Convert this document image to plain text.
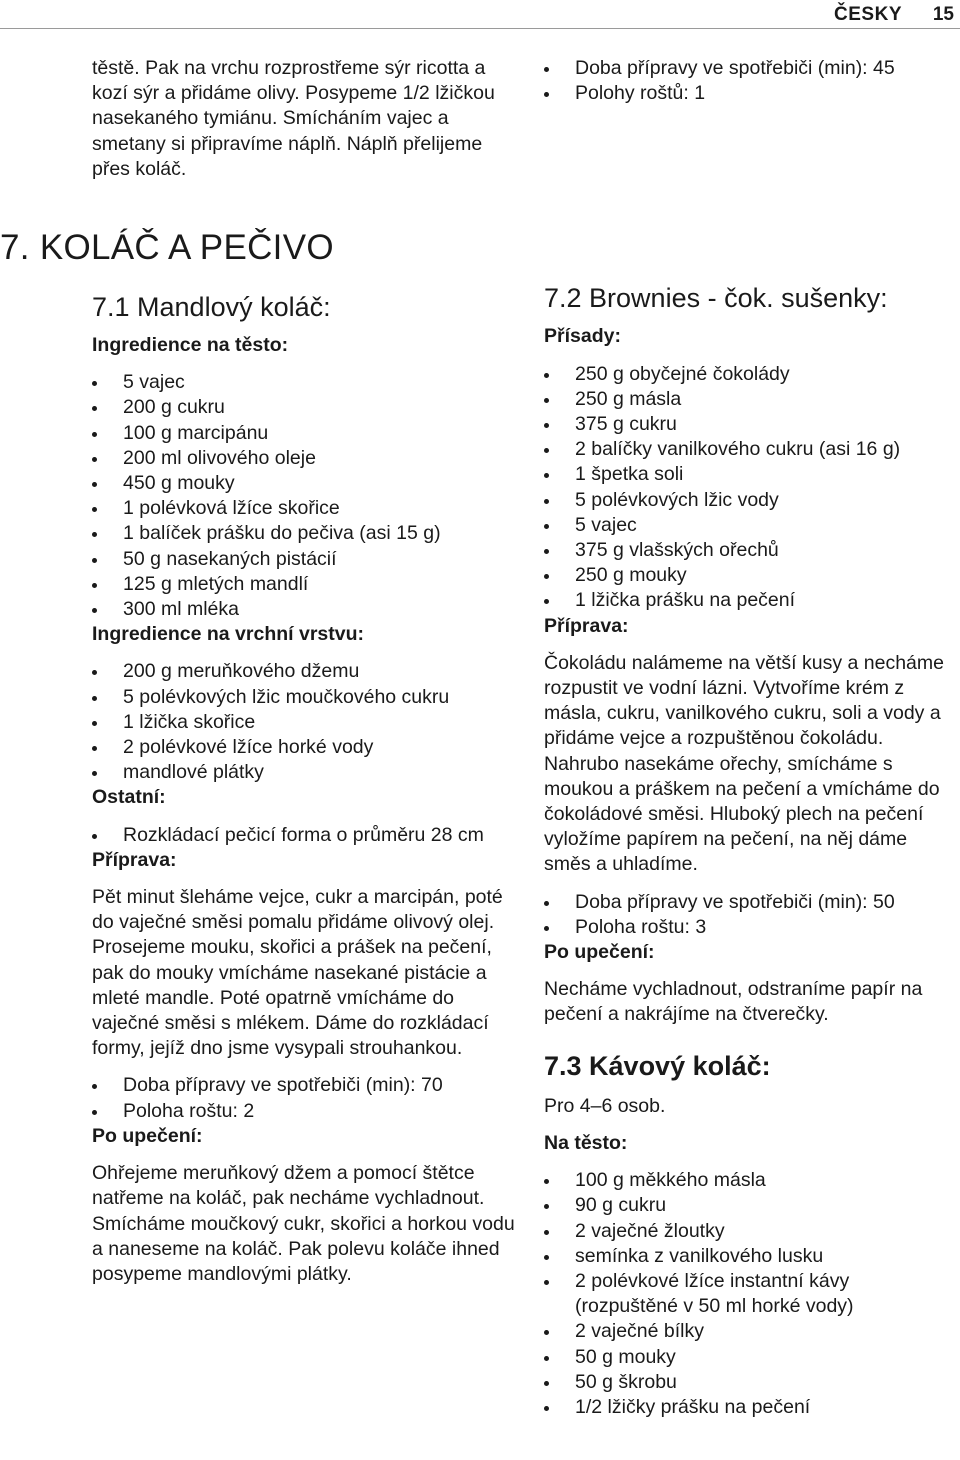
ČESKY 15

těstě. Pak na vrchu rozprostřeme sýr ricotta a kozí sýr a přidáme olivy. Posypeme 1/2 lžičkou nasekaného tymiánu. Smícháním vajec a smetany si připravíme náplň. Náplň přelijeme přes koláč.

7. KOLÁČ A PEČIVO
7.1 Mandlový koláč:

Ingredience na těsto:

5 vajec
200 g cukru
100 g marcipánu
200 ml olivového oleje
450 g mouky
1 polévková lžíce skořice
1 balíček prášku do pečiva (asi 15 g)
50 g nasekaných pistácií
125 g mletých mandlí
300 ml mléka

Ingredience na vrchní vrstvu:

200 g meruňkového džemu
5 polévkových lžic moučkového cukru
1 lžička skořice
2 polévkové lžíce horké vody
mandlové plátky

Ostatní:

Rozkládací pečicí forma o průměru 28 cm

Příprava:

Pět minut šleháme vejce, cukr a marcipán, poté do vaječné směsi pomalu přidáme olivový olej. Prosejeme mouku, skořici a prášek na pečení, pak do mouky vmícháme nasekané pistácie a mleté mandle. Poté opatrně vmícháme do vaječné směsi s mlékem. Dáme do rozkládací formy, jejíž dno jsme vysypali strouhankou.

Doba přípravy ve spotřebiči (min): 70
Poloha roštu: 2

Po upečení:

Ohřejeme meruňkový džem a pomocí štětce natřeme na koláč, pak necháme vychladnout. Smícháme moučkový cukr, skořici a horkou vodu a naneseme na koláč. Pak polevu koláče ihned posypeme mandlovými plátky.

Doba přípravy ve spotřebiči (min): 45
Polohy roštů: 1
7.2 Brownies - čok. sušenky:

Přísady:

250 g obyčejné čokolády
250 g másla
375 g cukru
2 balíčky vanilkového cukru (asi 16 g)
1 špetka soli
5 polévkových lžic vody
5 vajec
375 g vlašských ořechů
250 g mouky
1 lžička prášku na pečení

Příprava:

Čokoládu nalámeme na větší kusy a necháme rozpustit ve vodní lázni. Vytvoříme krém z másla, cukru, vanilkového cukru, soli a vody a přidáme vejce a rozpuštěnou čokoládu. Nahrubo nasekáme ořechy, smícháme s moukou a práškem na pečení a vmícháme do čokoládové směsi. Hluboký plech na pečení vyložíme papírem na pečení, na něj dáme směs a uhladíme.

Doba přípravy ve spotřebiči (min): 50
Poloha roštu: 3

Po upečení:

Necháme vychladnout, odstraníme papír na pečení a nakrájíme na čtverečky.

7.3 Kávový koláč:

Pro 4–6 osob.

Na těsto:

100 g měkkého másla
90 g cukru
2 vaječné žloutky
semínka z vanilkového lusku
2 polévkové lžíce instantní kávy (rozpuštěné v 50 ml horké vody)
2 vaječné bílky
50 g mouky
50 g škrobu
1/2 lžičky prášku na pečení
